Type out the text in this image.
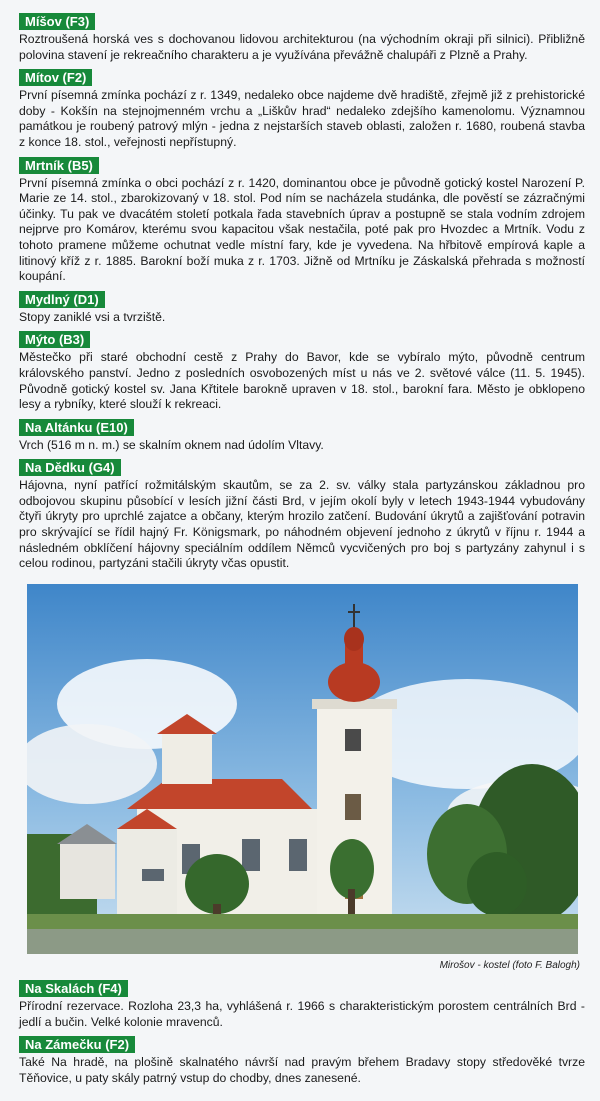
Míšov (F3)
Roztroušená horská ves s dochovanou lidovou architekturou (na východním okraji při silnici). Přibližně polovina stavení je rekreačního charakteru a je využívána převážně chalupáři z Plzně a Prahy.
Mítov (F2)
První písemná zmínka pochází z r. 1349, nedaleko obce najdeme dvě hradiště, zřejmě již z prehistorické doby - Kokšín na stejnojmenném vrchu a „Liškův hrad“ nedaleko zdejšího kamenolomu. Významnou památkou je roubený patrový mlýn - jedna z nejstarších staveb oblasti, založen r. 1680, roubená stavba z konce 18. stol., veřejnosti nepřístupný.
Mrtník (B5)
První písemná zmínka o obci pochází z r. 1420, dominantou obce je původně gotický kostel Narození P. Marie ze 14. stol., zbarokizovaný v 18. stol. Pod ním se nacházela studánka, dle pověstí se zázračnými účinky. Tu pak ve dvacátém století potkala řada stavebních úprav a postupně se stala vodním zdrojem nejprve pro Komárov, kterému svou kapacitou však nestačila, poté pak pro Hvozdec a Mrtník. Vodu z tohoto pramene můžeme ochutnat vedle místní fary, kde je vyvedena. Na hřbitově empírová kaple a litinový kříž z r. 1885. Barokní boží muka z r. 1703. Jižně od Mrtníku je Záskalská přehrada s možností koupání.
Mydlný (D1)
Stopy zaniklé vsi a tvrziště.
Mýto (B3)
Městečko při staré obchodní cestě z Prahy do Bavor, kde se vybíralo mýto, původně centrum královského panství. Jedno z posledních osvobozených míst u nás ve 2. světové válce (11. 5. 1945). Původně gotický kostel sv. Jana Křtitele barokně upraven v 18. stol., barokní fara. Město je obklopeno lesy a rybníky, které slouží k rekreaci.
Na Altánku (E10)
Vrch (516 m n. m.) se skalním oknem nad údolím Vltavy.
Na Dědku (G4)
Hájovna, nyní patřící rožmitálským skautům, se za 2. sv. války stala partyzánskou základnou pro odbojovou skupinu působící v lesích jižní části Brd, v jejím okolí byly v letech 1943-1944 vybudovány čtyři úkryty pro uprchlé zajatce a občany, kterým hrozilo zatčení. Budování úkrytů a zajišťování potravin pro skrývající se řídil hajný Fr. Königsmark, po náhodném objevení jednoho z úkrytů v říjnu r. 1944 a následném obklíčení hájovny speciálním oddílem Němců vycvičených pro boj s partyzány zahynul i s celou rodinou, partyzáni stačili úkryty včas opustit.
Mirošov - kostel (foto F. Balogh)
Na Skalách (F4)
Přírodní rezervace. Rozloha 23,3 ha, vyhlášená r. 1966 s charakteristickým porostem centrálních Brd - jedlí a bučin. Velké kolonie mravenců.
Na Zámečku (F2)
Také Na hradě, na plošině skalnatého návrší nad pravým břehem Bradavy stopy středověké tvrze Těňovice, u paty skály patrný vstup do chodby, dnes zanesené.
